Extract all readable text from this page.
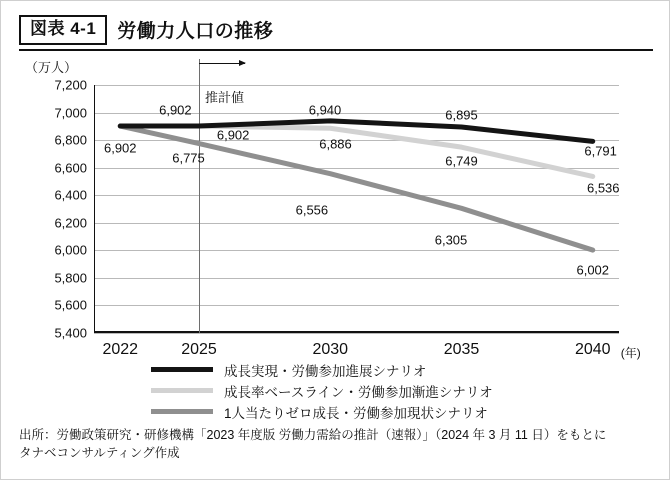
図表 4-1	労働力人口の推移
（万人）
7,200
7,000
6,800
6,600
6,400
6,200
6,000
5,800
5,600
5,400
2022	2025	2030	2035	2040 (年)
推計値
6,902
6,902	6,940	6,895
6,791
6,902
6,886
6,749
6,536
6,775
6,556
6,305
6,002
成長実現・労働参加進展シナリオ
成長率ベースライン・労働参加漸進シナリオ
1人当たりゼロ成長・労働参加現状シナリオ
出所：労働政策研究・研修機構「2023 年度版 労働力需給の推計（速報）」（2024 年 3 月 11 日）をもとに
タナベコンサルティング作成
